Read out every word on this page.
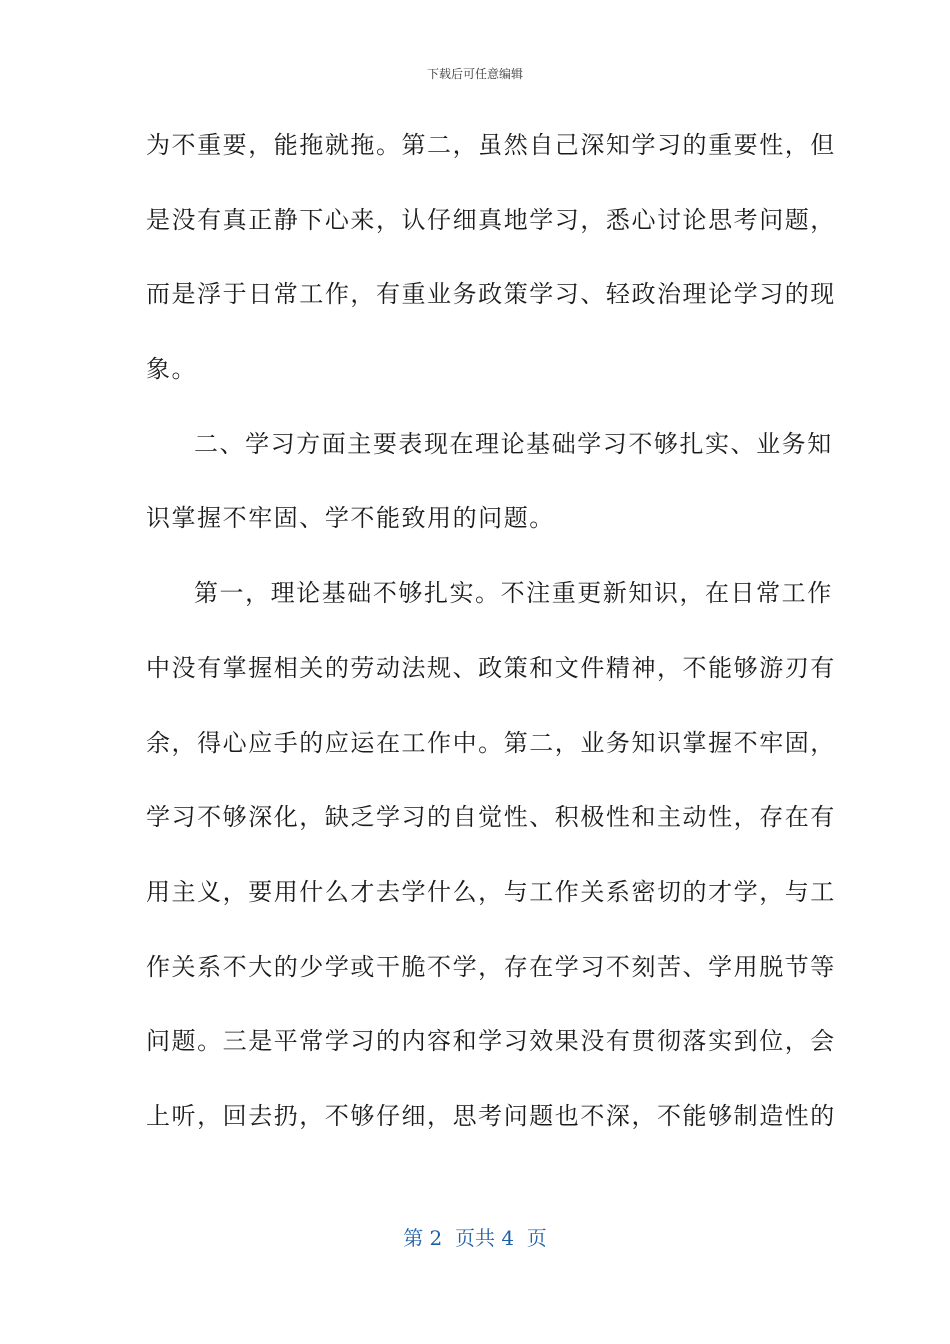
下载后可任意编辑
为不重要，能拖就拖。第二，虽然自己深知学习的重要性，但
是没有真正静下心来，认仔细真地学习，悉心讨论思考问题，
而是浮于日常工作，有重业务政策学习、轻政治理论学习的现
象。
二、学习方面主要表现在理论基础学习不够扎实、业务知
识掌握不牢固、学不能致用的问题。
第一，理论基础不够扎实。不注重更新知识，在日常工作
中没有掌握相关的劳动法规、政策和文件精神，不能够游刃有
余，得心应手的应运在工作中。第二，业务知识掌握不牢固，
学习不够深化，缺乏学习的自觉性、积极性和主动性，存在有
用主义，要用什么才去学什么，与工作关系密切的才学，与工
作关系不大的少学或干脆不学，存在学习不刻苦、学用脱节等
问题。三是平常学习的内容和学习效果没有贯彻落实到位，会
上听，回去扔，不够仔细，思考问题也不深，不能够制造性的
第 2  页共 4  页
